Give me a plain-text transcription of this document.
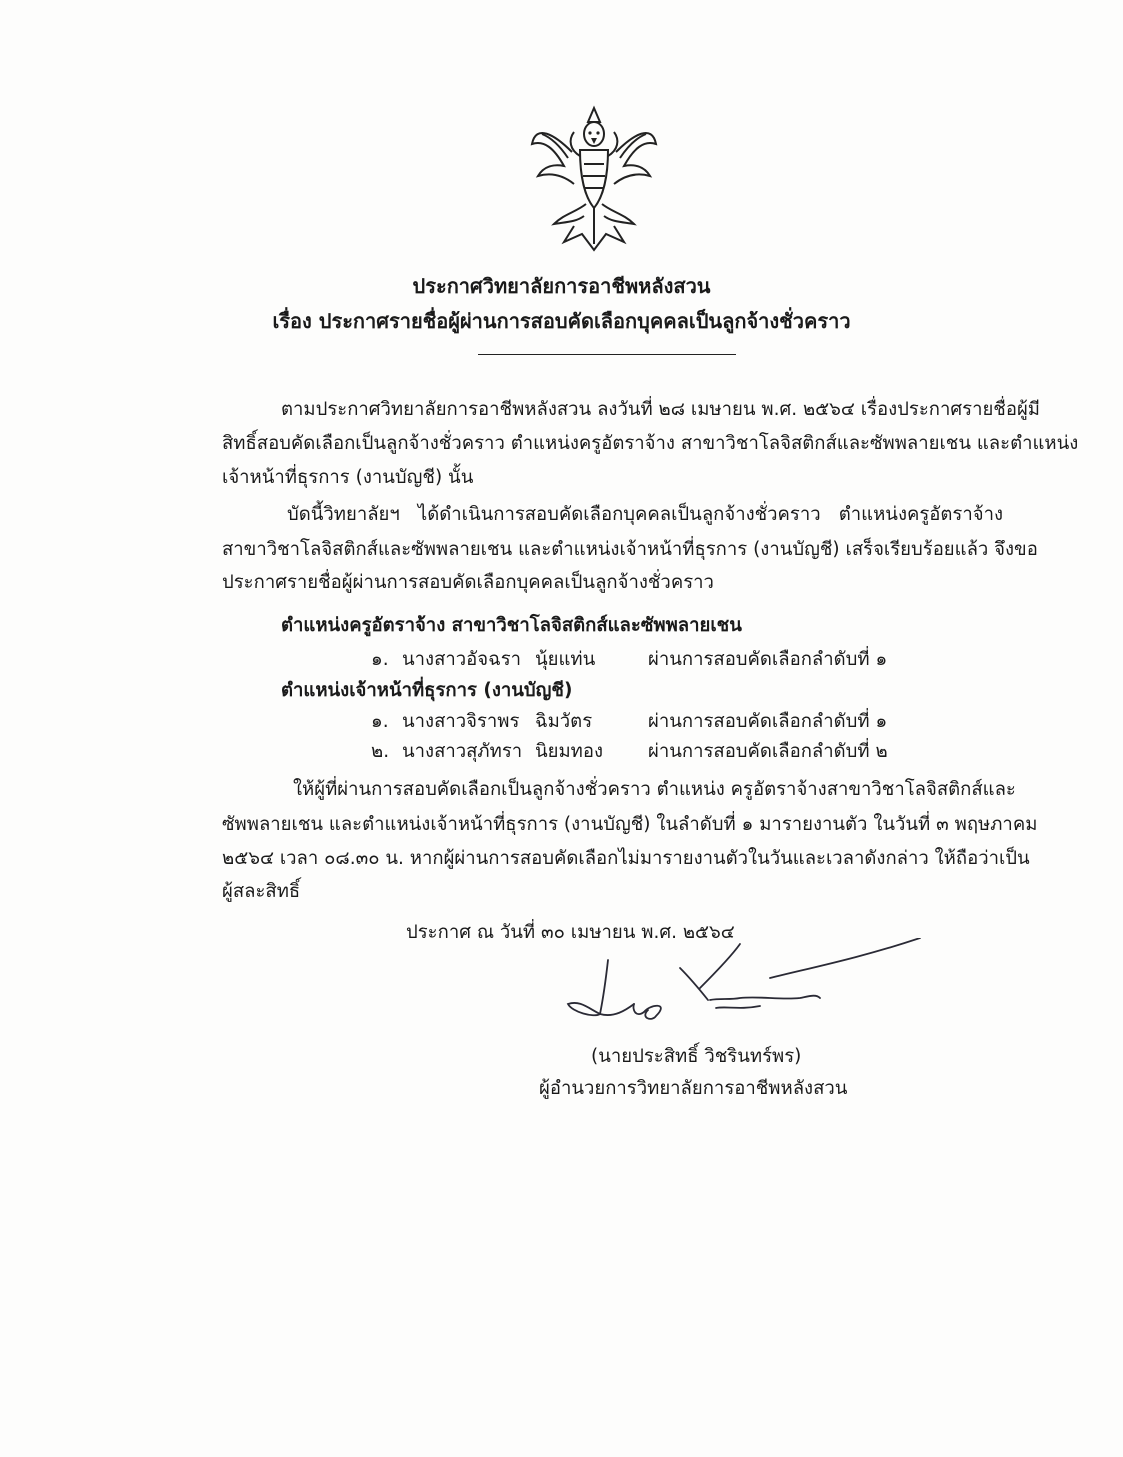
ประกาศวิทยาลัยการอาชีพหลังสวน
เรื่อง ประกาศรายชื่อผู้ผ่านการสอบคัดเลือกบุคคลเป็นลูกจ้างชั่วคราว
ตามประกาศวิทยาลัยการอาชีพหลังสวน ลงวันที่ ๒๘ เมษายน พ.ศ. ๒๕๖๔ เรื่องประกาศรายชื่อผู้มี
สิทธิ์สอบคัดเลือกเป็นลูกจ้างชั่วคราว ตำแหน่งครูอัตราจ้าง สาขาวิชาโลจิสติกส์และซัพพลายเชน และตำแหน่ง
เจ้าหน้าที่ธุรการ (งานบัญชี) นั้น
บัดนี้วิทยาลัยฯ ได้ดำเนินการสอบคัดเลือกบุคคลเป็นลูกจ้างชั่วคราว ตำแหน่งครูอัตราจ้าง
สาขาวิชาโลจิสติกส์และซัพพลายเชน และตำแหน่งเจ้าหน้าที่ธุรการ (งานบัญชี) เสร็จเรียบร้อยแล้ว จึงขอ
ประกาศรายชื่อผู้ผ่านการสอบคัดเลือกบุคคลเป็นลูกจ้างชั่วคราว
ตำแหน่งครูอัตราจ้าง สาขาวิชาโลจิสติกส์และซัพพลายเชน
๑. นางสาวอัจฉรา นุ้ยแท่น	ผ่านการสอบคัดเลือกลำดับที่ ๑
ตำแหน่งเจ้าหน้าที่ธุรการ (งานบัญชี)
๑. นางสาวจิราพร ฉิมวัตร	ผ่านการสอบคัดเลือกลำดับที่ ๑
๒. นางสาวสุภัทรา นิยมทอง ผ่านการสอบคัดเลือกลำดับที่ ๒
ให้ผู้ที่ผ่านการสอบคัดเลือกเป็นลูกจ้างชั่วคราว ตำแหน่ง ครูอัตราจ้างสาขาวิชาโลจิสติกส์และ
ซัพพลายเชน และตำแหน่งเจ้าหน้าที่ธุรการ (งานบัญชี) ในลำดับที่ ๑ มารายงานตัว ในวันที่ ๓ พฤษภาคม
๒๕๖๔ เวลา ๐๘.๓๐ น. หากผู้ผ่านการสอบคัดเลือกไม่มารายงานตัวในวันและเวลาดังกล่าว ให้ถือว่าเป็น
ผู้สละสิทธิ์
ประกาศ ณ วันที่ ๓๐ เมษายน พ.ศ. ๒๕๖๔
(นายประสิทธิ์ วิชรินทร์พร)
ผู้อำนวยการวิทยาลัยการอาชีพหลังสวน
